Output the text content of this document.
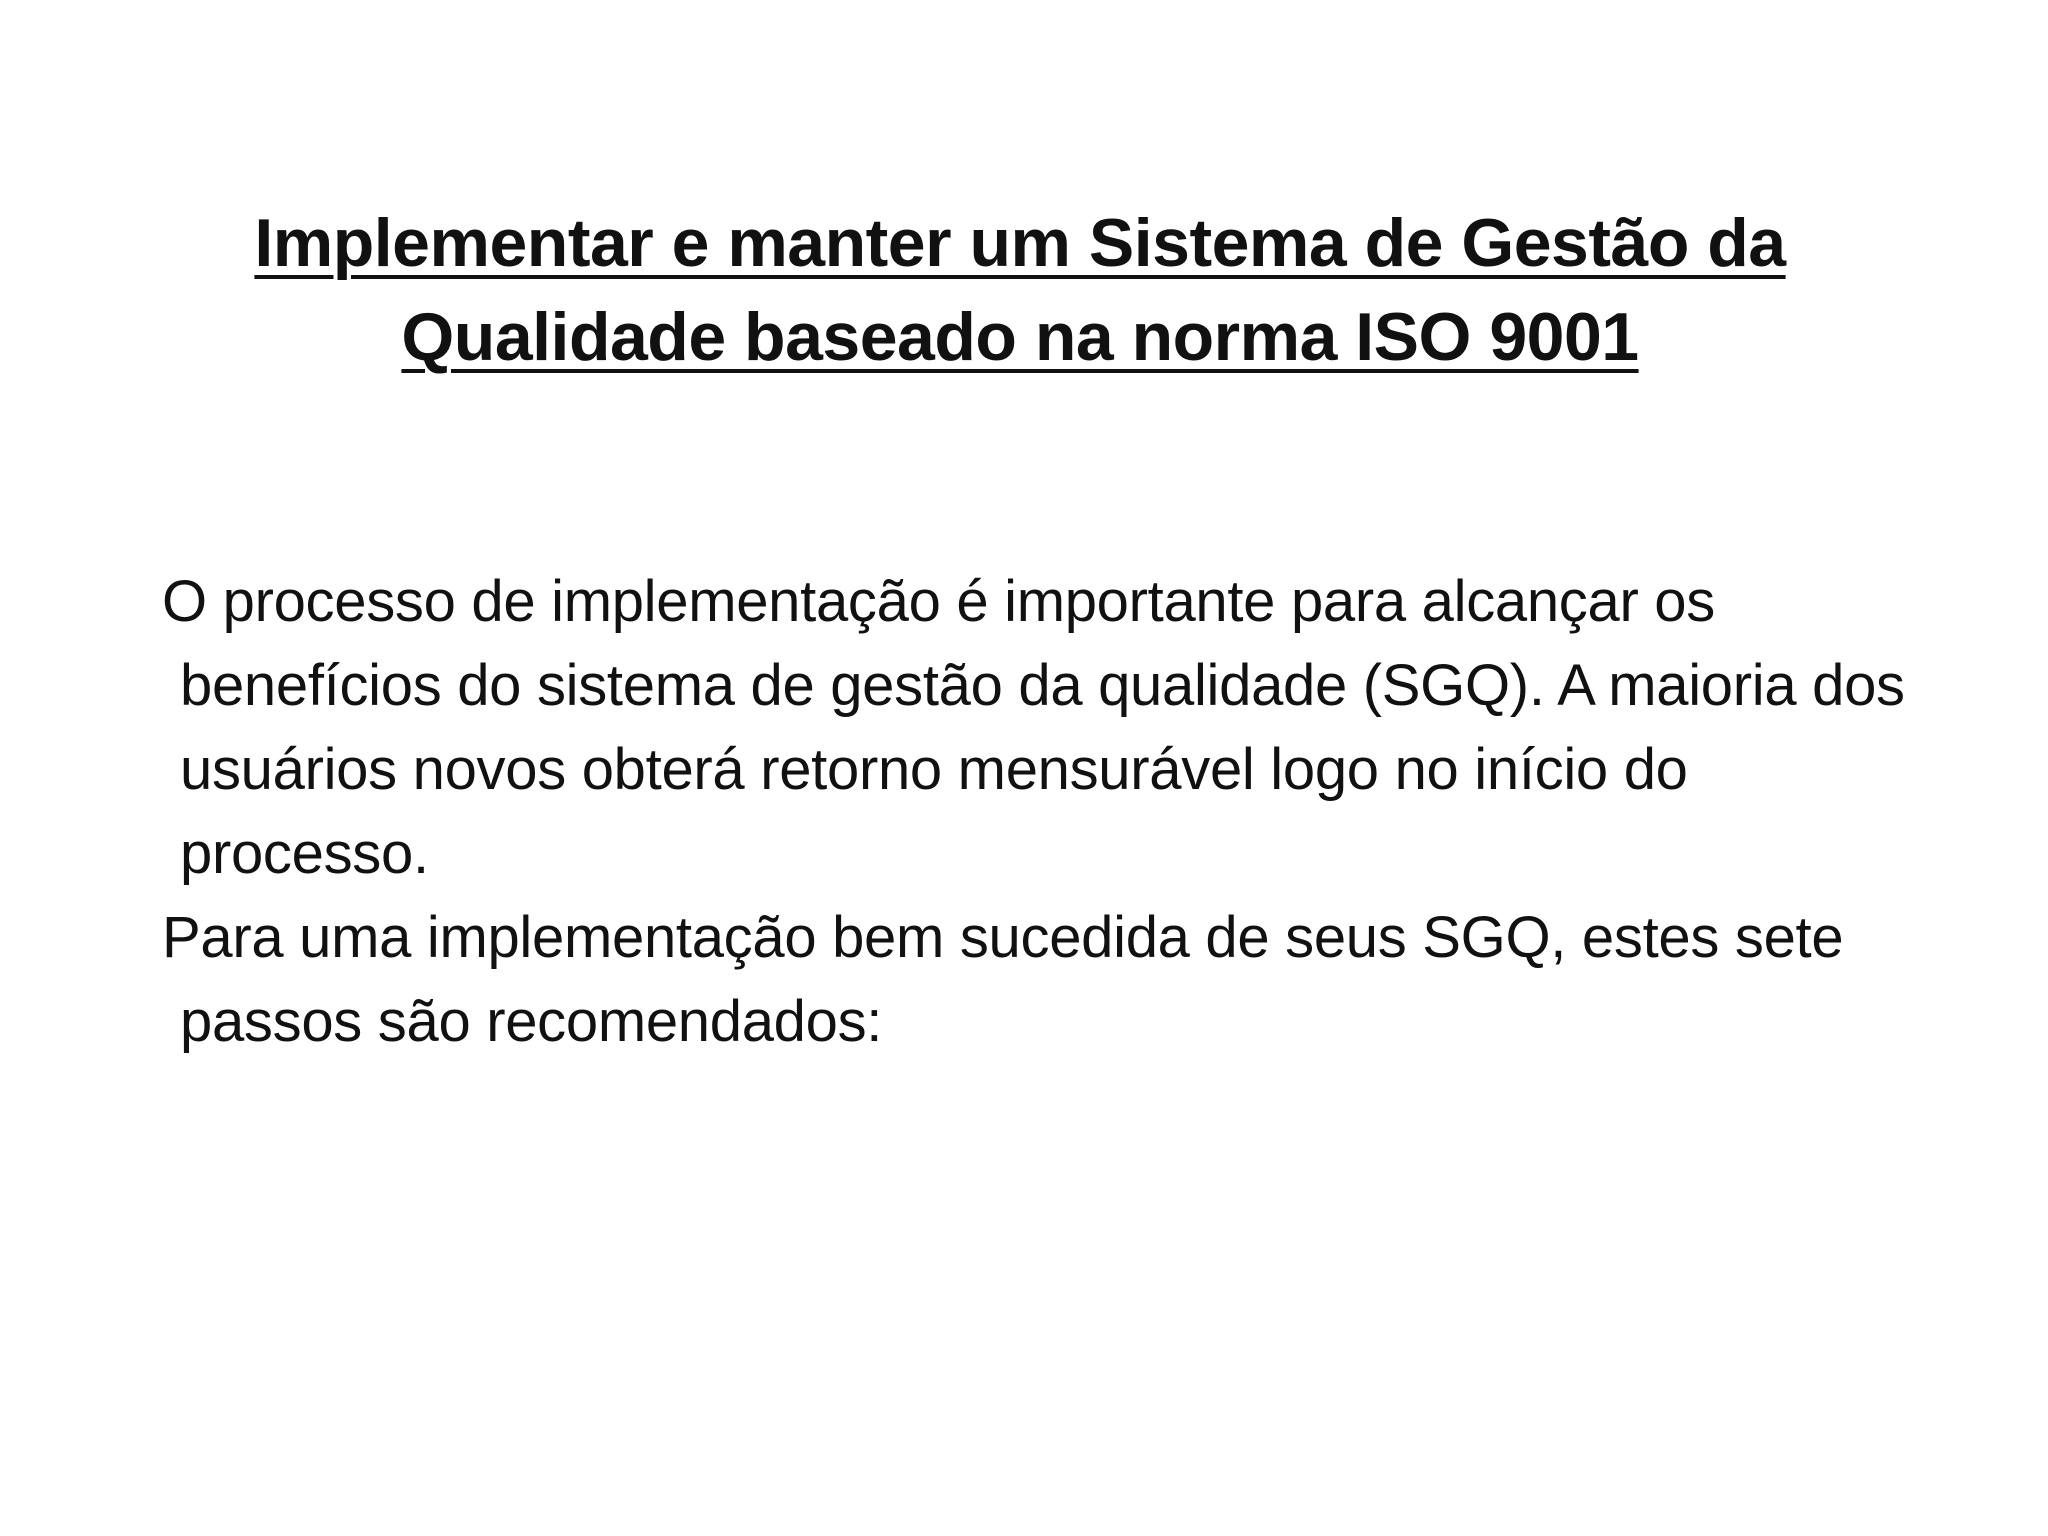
Implementar e manter um Sistema de Gestão da Qualidade baseado na norma ISO 9001

O processo de implementação é importante para alcançar os benefícios do sistema de gestão da qualidade (SGQ). A maioria dos usuários novos obterá retorno mensurável logo no início do processo.

Para uma implementação bem sucedida de seus SGQ, estes sete passos são recomendados:
